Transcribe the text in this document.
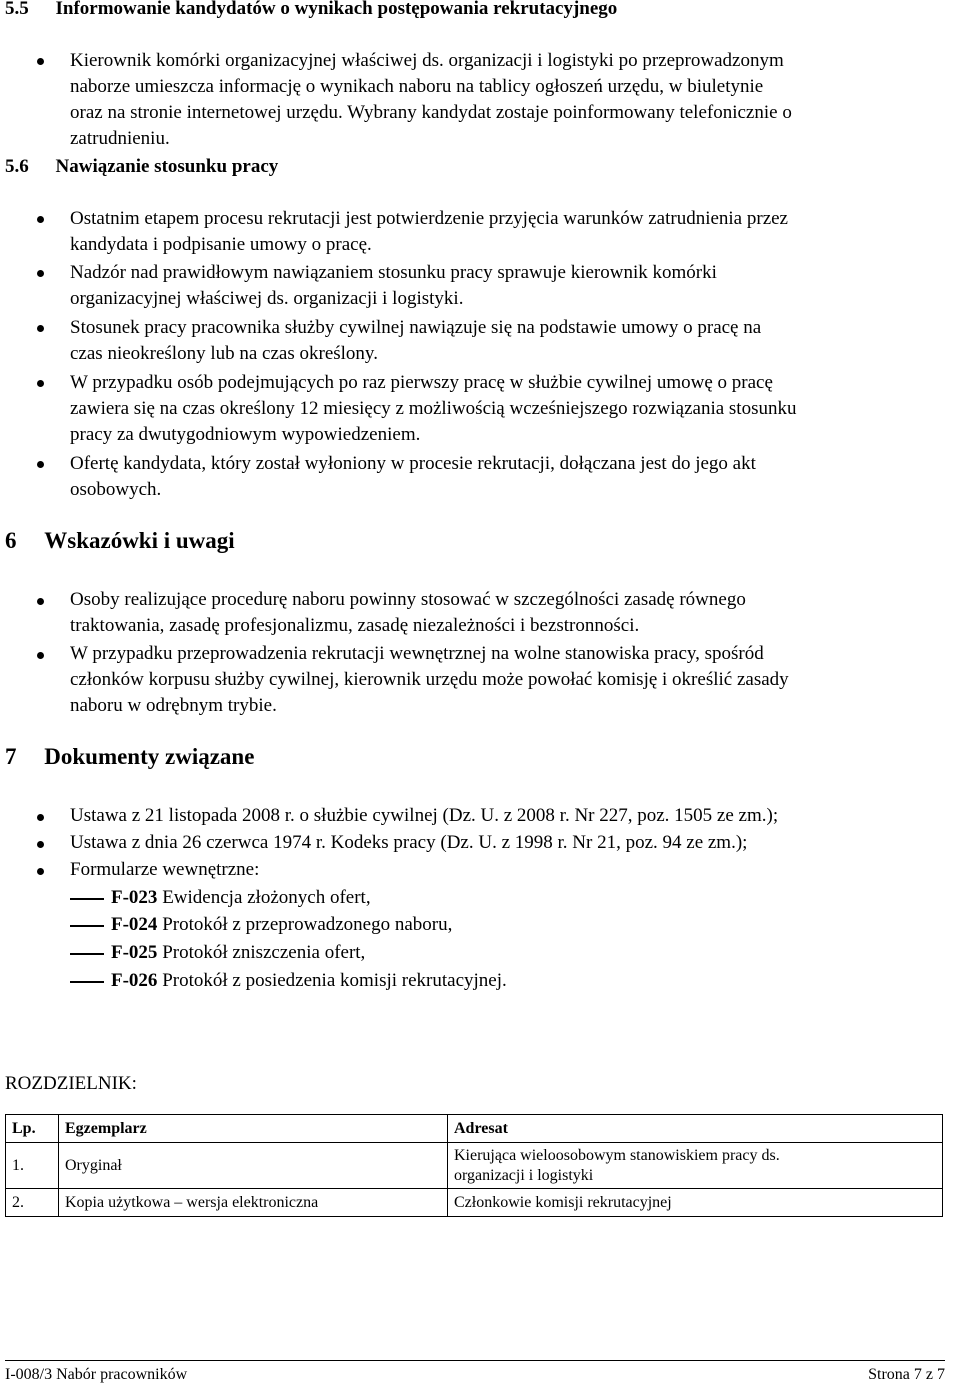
5.5 Informowanie kandydatów o wynikach postępowania rekrutacyjnego
Kierownik komórki organizacyjnej właściwej ds. organizacji i logistyki po przeprowadzonym
naborze umieszcza informację o wynikach naboru na tablicy ogłoszeń urzędu, w biuletynie
oraz na stronie internetowej urzędu. Wybrany kandydat zostaje poinformowany telefonicznie o
zatrudnieniu.
5.6 Nawiązanie stosunku pracy
Ostatnim etapem procesu rekrutacji jest potwierdzenie przyjęcia warunków zatrudnienia przez
kandydata i podpisanie umowy o pracę.
Nadzór nad prawidłowym nawiązaniem stosunku pracy sprawuje kierownik komórki
organizacyjnej właściwej ds. organizacji i logistyki.
Stosunek pracy pracownika służby cywilnej nawiązuje się na podstawie umowy o pracę na
czas nieokreślony lub na czas określony.
W przypadku osób podejmujących po raz pierwszy pracę w służbie cywilnej umowę o pracę
zawiera się na czas określony 12 miesięcy z możliwością wcześniejszego rozwiązania stosunku
pracy za dwutygodniowym wypowiedzeniem.
Ofertę kandydata, który został wyłoniony w procesie rekrutacji, dołączana jest do jego akt
osobowych.
6 Wskazówki i uwagi
Osoby realizujące procedurę naboru powinny stosować w szczególności zasadę równego
traktowania, zasadę profesjonalizmu, zasadę niezależności i bezstronności.
W przypadku przeprowadzenia rekrutacji wewnętrznej na wolne stanowiska pracy, spośród
członków korpusu służby cywilnej, kierownik urzędu może powołać komisję i określić zasady
naboru w odrębnym trybie.
7 Dokumenty związane
Ustawa z 21 listopada 2008 r. o służbie cywilnej (Dz. U. z 2008 r. Nr 227, poz. 1505 ze zm.);
Ustawa z dnia 26 czerwca 1974 r. Kodeks pracy (Dz. U. z 1998 r. Nr 21, poz. 94 ze zm.);
Formularze wewnętrzne:
F-023 Ewidencja złożonych ofert,
F-024 Protokół z przeprowadzonego naboru,
F-025 Protokół zniszczenia ofert,
F-026 Protokół z posiedzenia komisji rekrutacyjnej.
ROZDZIELNIK:
Lp.	Egzemplarz	Adresat
1.	Oryginał	Kierująca wieloosobowym stanowiskiem pracy ds.
organizacji i logistyki

2.	Kopia użytkowa – wersja elektroniczna	Członkowie komisji rekrutacyjnej
I-008/3 Nabór pracowników	Strona 7 z 7
